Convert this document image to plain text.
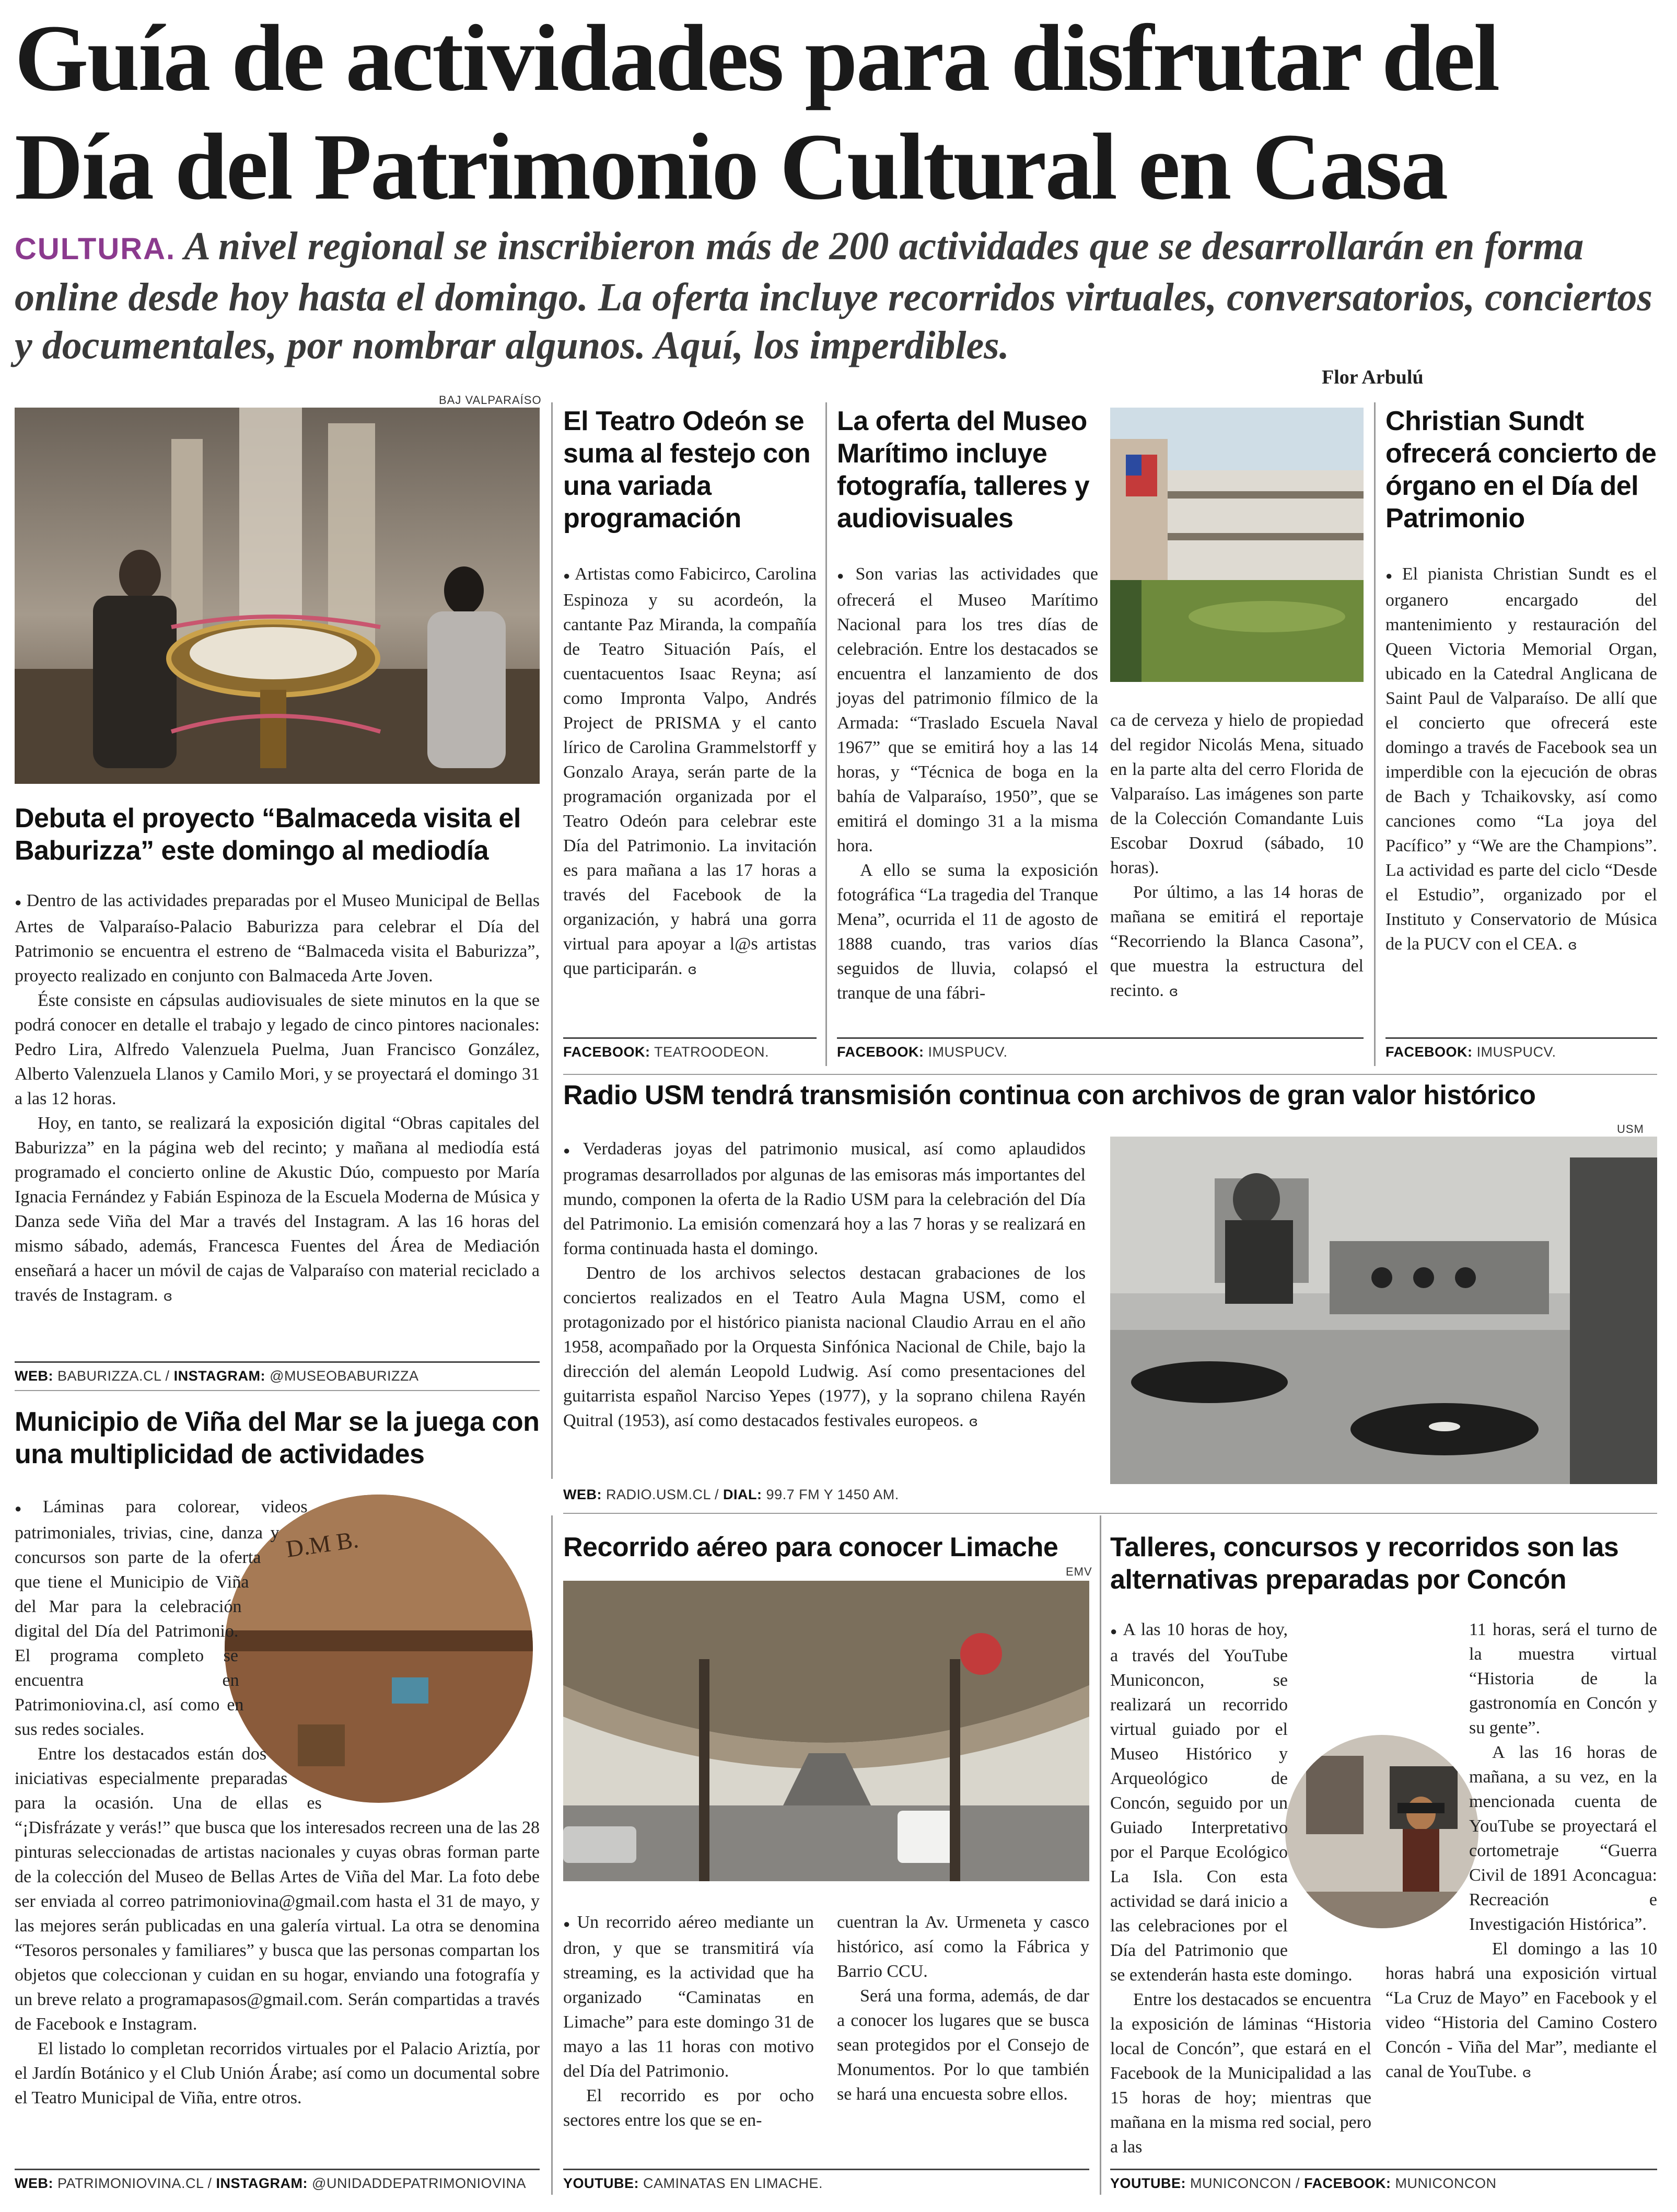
Guía de actividades para disfrutar del
Día del Patrimonio Cultural en Casa
CULTURA. A nivel regional se inscribieron más de 200 actividades que se desarrollarán en forma online desde hoy hasta el domingo. La oferta incluye recorridos virtuales, conversatorios, conciertos y documentales, por nombrar algunos. Aquí, los imperdibles.
Flor Arbulú
BAJ VALPARAÍSO
Debuta el proyecto “Balmaceda visita el Baburizza” este domingo al mediodía

● Dentro de las actividades preparadas por el Museo Municipal de Bellas Artes de Valparaíso-Palacio Baburizza para celebrar el Día del Patrimonio se encuentra el estreno de “Balmaceda visita el Baburizza”, proyecto realizado en conjunto con Balmaceda Arte Joven.

Éste consiste en cápsulas audiovisuales de siete minutos en la que se podrá conocer en detalle el trabajo y legado de cinco pintores nacionales: Pedro Lira, Alfredo Valenzuela Puelma, Juan Francisco González, Alberto Valenzuela Llanos y Camilo Mori, y se proyectará el domingo 31 a las 12 horas.

Hoy, en tanto, se realizará la exposición digital “Obras capitales del Baburizza” en la página web del recinto; y mañana al mediodía está programado el concierto online de Akustic Dúo, compuesto por María Ignacia Fernández y Fabián Espinoza de la Escuela Moderna de Música y Danza sede Viña del Mar a través del Instagram. A las 16 horas del mismo sábado, además, Francesca Fuentes del Área de Mediación enseñará a hacer un móvil de cajas de Valparaíso con material reciclado a través de Instagram. ɞ

WEB: BABURIZZA.CL / INSTAGRAM: @MUSEOBABURIZZA
El Teatro Odeón se suma al festejo con una variada programación

● Artistas como Fabicirco, Carolina Espinoza y su acordeón, la cantante Paz Miranda, la compañía de Teatro Situación País, el cuentacuentos Isaac Reyna; así como Impronta Valpo, Andrés Project de PRISMA y el canto lírico de Carolina Grammelstorff y Gonzalo Araya, serán parte de la programación organizada por el Teatro Odeón para celebrar este Día del Patrimonio. La invitación es para mañana a las 17 horas a través del Facebook de la organización, y habrá una gorra virtual para apoyar a l@s artistas que participarán. ɞ

FACEBOOK: TEATROODEON.
La oferta del Museo Marítimo incluye fotografía, talleres y audiovisuales

● Son varias las actividades que ofrecerá el Museo Marítimo Nacional para los tres días de celebración. Entre los destacados se encuentra el lanzamiento de dos joyas del patrimonio fílmico de la Armada: “Traslado Escuela Naval 1967” que se emitirá hoy a las 14 horas, y “Técnica de boga en la bahía de Valparaíso, 1950”, que se emitirá el domingo 31 a la misma hora.

A ello se suma la exposición fotográfica “La tragedia del Tranque Mena”, ocurrida el 11 de agosto de 1888 cuando, tras varios días seguidos de lluvia, colapsó el tranque de una fábri-

ca de cerveza y hielo de propiedad del regidor Nicolás Mena, situado en la parte alta del cerro Florida de Valparaíso. Las imágenes son parte de la Colección Comandante Luis Escobar Doxrud (sábado, 10 horas).

Por último, a las 14 horas de mañana se emitirá el reportaje “Recorriendo la Blanca Casona”, que muestra la estructura del recinto. ɞ

FACEBOOK: IMUSPUCV.
Christian Sundt ofrecerá concierto de órgano en el Día del Patrimonio

● El pianista Christian Sundt es el organero encargado del mantenimiento y restauración del Queen Victoria Memorial Organ, ubicado en la Catedral Anglicana de Saint Paul de Valparaíso. De allí que el concierto que ofrecerá este domingo a través de Facebook sea un imperdible con la ejecución de obras de Bach y Tchaikovsky, así como canciones como “La joya del Pacífico” y “We are the Champions”. La actividad es parte del ciclo “Desde el Estudio”, organizado por el Instituto y Conservatorio de Música de la PUCV con el CEA. ɞ

FACEBOOK: IMUSPUCV.
Radio USM tendrá transmisión continua con archivos de gran valor histórico
USM

● Verdaderas joyas del patrimonio musical, así como aplaudidos programas desarrollados por algunas de las emisoras más importantes del mundo, componen la oferta de la Radio USM para la celebración del Día del Patrimonio. La emisión comenzará hoy a las 7 horas y se realizará en forma continuada hasta el domingo.

Dentro de los archivos selectos destacan grabaciones de los conciertos realizados en el Teatro Aula Magna USM, como el protagonizado por el histórico pianista nacional Claudio Arrau en el año 1958, acompañado por la Orquesta Sinfónica Nacional de Chile, bajo la dirección del alemán Leopold Ludwig. Así como presentaciones del guitarrista español Narciso Yepes (1977), y la soprano chilena Rayén Quitral (1953), así como destacados festivales europeos. ɞ

WEB: RADIO.USM.CL / DIAL: 99.7 FM Y 1450 AM.
Municipio de Viña del Mar se la juega con una multiplicidad de actividades
D.M B.

● Láminas para colorear, videos patrimoniales, trivias, cine, danza y concursos son parte de la oferta que tiene el Municipio de Viña del Mar para la celebración digital del Día del Patrimonio. El programa completo se encuentra en Patrimoniovina.cl, así como en sus redes sociales.

Entre los destacados están dos iniciativas especialmente preparadas para la ocasión. Una de ellas es “¡Disfrázate y verás!” que busca que los interesados recreen una de las 28 pinturas seleccionadas de artistas nacionales y cuyas obras forman parte de la colección del Museo de Bellas Artes de Viña del Mar. La foto debe ser enviada al correo patrimoniovina@gmail.com hasta el 31 de mayo, y las mejores serán publicadas en una galería virtual. La otra se denomina “Tesoros personales y familiares” y busca que las personas compartan los objetos que coleccionan y cuidan en su hogar, enviando una fotografía y un breve relato a programapasos@gmail.com. Serán compartidas a través de Facebook e Instagram.

El listado lo completan recorridos virtuales por el Palacio Ariztía, por el Jardín Botánico y el Club Unión Árabe; así como un documental sobre el Teatro Municipal de Viña, entre otros.

WEB: PATRIMONIOVINA.CL / INSTAGRAM: @UNIDADDEPATRIMONIOVINA
Recorrido aéreo para conocer Limache
EMV

● Un recorrido aéreo mediante un dron, y que se transmitirá vía streaming, es la actividad que ha organizado “Caminatas en Limache” para este domingo 31 de mayo a las 11 horas con motivo del Día del Patrimonio.

El recorrido es por ocho sectores entre los que se en-

cuentran la Av. Urmeneta y casco histórico, así como la Fábrica y Barrio CCU.

Será una forma, además, de dar a conocer los lugares que se busca sean protegidos por el Consejo de Monumentos. Por lo que también se hará una encuesta sobre ellos.

YOUTUBE: CAMINATAS EN LIMACHE.
Talleres, concursos y recorridos son las alternativas preparadas por Concón

● A las 10 horas de hoy, a través del YouTube Municoncon, se realizará un recorrido virtual guiado por el Museo Histórico y Arqueológico de Concón, seguido por un Guiado Interpretativo por el Parque Ecológico La Isla. Con esta actividad se dará inicio a las celebraciones por el Día del Patrimonio que se extenderán hasta este domingo.

Entre los destacados se encuentra la exposición de láminas “Historia local de Concón”, que estará en el Facebook de la Municipalidad a las 15 horas de hoy; mientras que mañana en la misma red social, pero a las

11 horas, será el turno de la muestra virtual “Historia de la gastronomía en Concón y su gente”.

A las 16 horas de mañana, a su vez, en la mencionada cuenta de YouTube se proyectará el cortometraje “Guerra Civil de 1891 Aconcagua: Recreación e Investigación Histórica”.

El domingo a las 10 horas habrá una exposición virtual “La Cruz de Mayo” en Facebook y el video “Historia del Camino Costero Concón - Viña del Mar”, mediante el canal de YouTube. ɞ

YOUTUBE: MUNICONCON / FACEBOOK: MUNICONCON
